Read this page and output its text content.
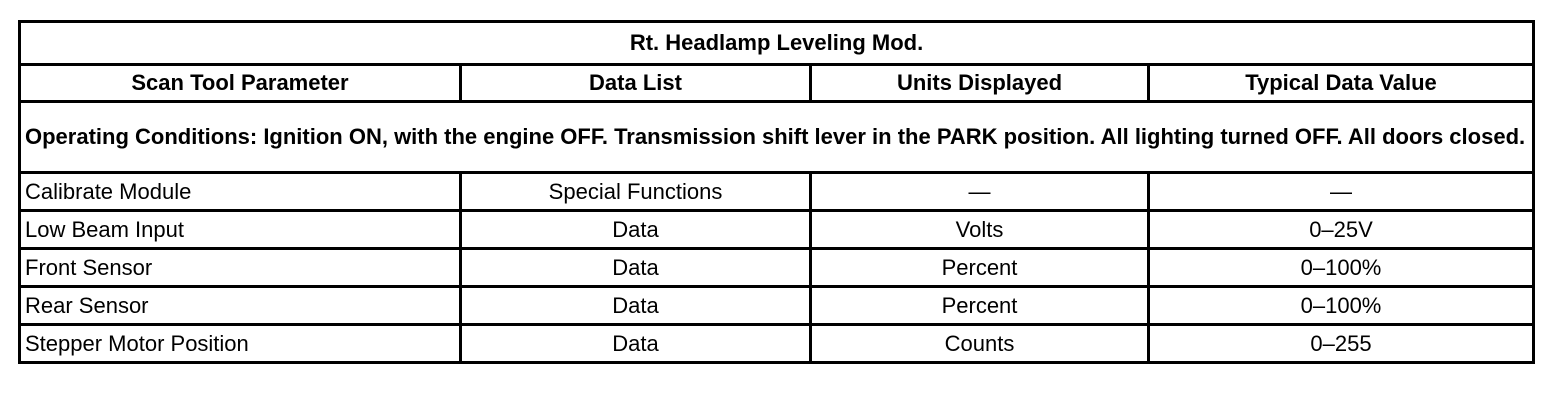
Rt. Headlamp Leveling Mod.			
Scan Tool Parameter	Data List	Units Displayed	Typical Data Value
Operating Conditions: Ignition ON, with the engine OFF. Transmission shift lever in the PARK position. All lighting turned OFF. All doors closed.			
Calibrate Module	Special Functions	—	—
Low Beam Input	Data	Volts	0–25V
Front Sensor	Data	Percent	0–100%
Rear Sensor	Data	Percent	0–100%
Stepper Motor Position	Data	Counts	0–255
